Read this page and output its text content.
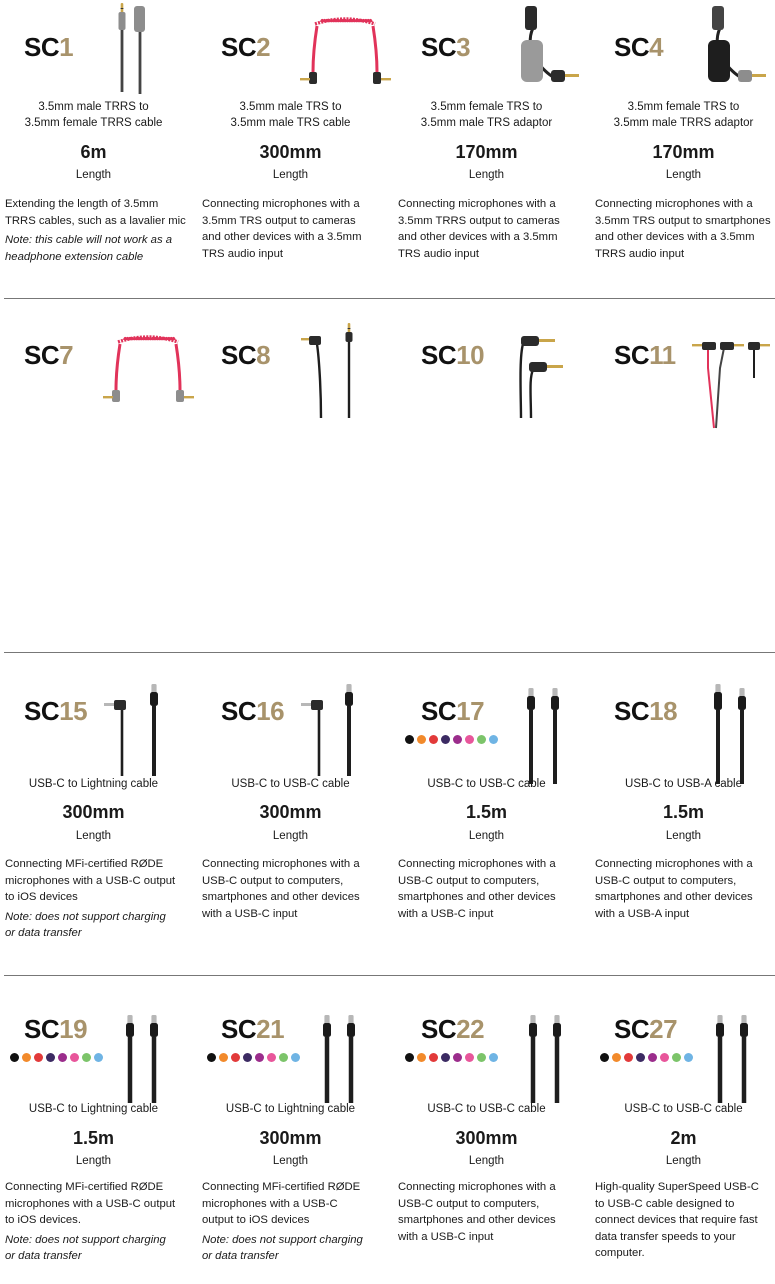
SC1
3.5mm male TRRS to
3.5mm female TRRS cable
6m
Length
Extending the length of 3.5mm
TRRS cables, such as a lavalier mic
Note: this cable will not work as a
headphone extension cable
SC2
3.5mm male TRS to
3.5mm male TRS cable
300mm
Length
Connecting microphones with a
3.5mm TRS output to cameras
and other devices with a 3.5mm
TRS audio input
SC3
3.5mm female TRS to
3.5mm male TRS adaptor
170mm
Length
Connecting microphones with a
3.5mm TRRS output to cameras
and other devices with a 3.5mm
TRS audio input
SC4
3.5mm female TRS to
3.5mm male TRRS adaptor
170mm
Length
Connecting microphones with a
3.5mm TRS output to smartphones
and other devices with a 3.5mm
TRRS audio input
SC7	SC8	SC10	SC11
SC15
USB-C to Lightning cable
300mm
Length
Connecting MFi-certified RØDE
microphones with a USB-C output
to iOS devices
Note: does not support charging
or data transfer
SC16
USB-C to USB-C cable
300mm
Length
Connecting microphones with a
USB-C output to computers,
smartphones and other devices
with a USB-C input
SC17
USB-C to USB-C cable
1.5m
Length
Connecting microphones with a
USB-C output to computers,
smartphones and other devices
with a USB-C input
SC18
USB-C to USB-A cable
1.5m
Length
Connecting microphones with a
USB-C output to computers,
smartphones and other devices
with a USB-A input
SC19
USB-C to Lightning cable
1.5m
Length
Connecting MFi-certified RØDE
microphones with a USB-C output
to iOS devices.
Note: does not support charging
or data transfer
SC21
USB-C to Lightning cable
300mm
Length
Connecting MFi-certified RØDE
microphones with a USB-C
output to iOS devices
Note: does not support charging
or data transfer
SC22
USB-C to USB-C cable
300mm
Length
Connecting microphones with a
USB-C output to computers,
smartphones and other devices
with a USB-C input
SC27
USB-C to USB-C cable
2m
Length
High-quality SuperSpeed USB-C
to USB-C cable designed to
connect devices that require fast
data transfer speeds to your
computer.
